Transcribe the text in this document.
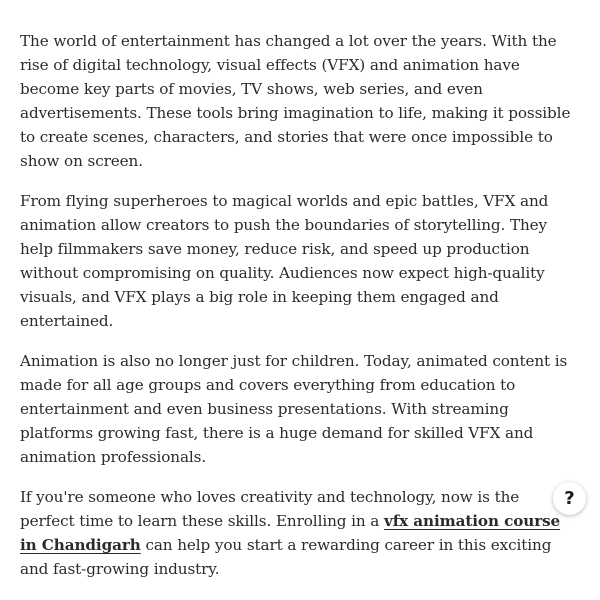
The world of entertainment has changed a lot over the years. With the rise of digital technology, visual effects (VFX) and animation have become key parts of movies, TV shows, web series, and even advertisements. These tools bring imagination to life, making it possible to create scenes, characters, and stories that were once impossible to show on screen.

From flying superheroes to magical worlds and epic battles, VFX and animation allow creators to push the boundaries of storytelling. They help filmmakers save money, reduce risk, and speed up production without compromising on quality. Audiences now expect high-quality visuals, and VFX plays a big role in keeping them engaged and entertained.

Animation is also no longer just for children. Today, animated content is made for all age groups and covers everything from education to entertainment and even business presentations. With streaming platforms growing fast, there is a huge demand for skilled VFX and animation professionals.

If you're someone who loves creativity and technology, now is the perfect time to learn these skills. Enrolling in a vfx animation course in Chandigarh can help you start a rewarding career in this exciting and fast-growing industry.

?
